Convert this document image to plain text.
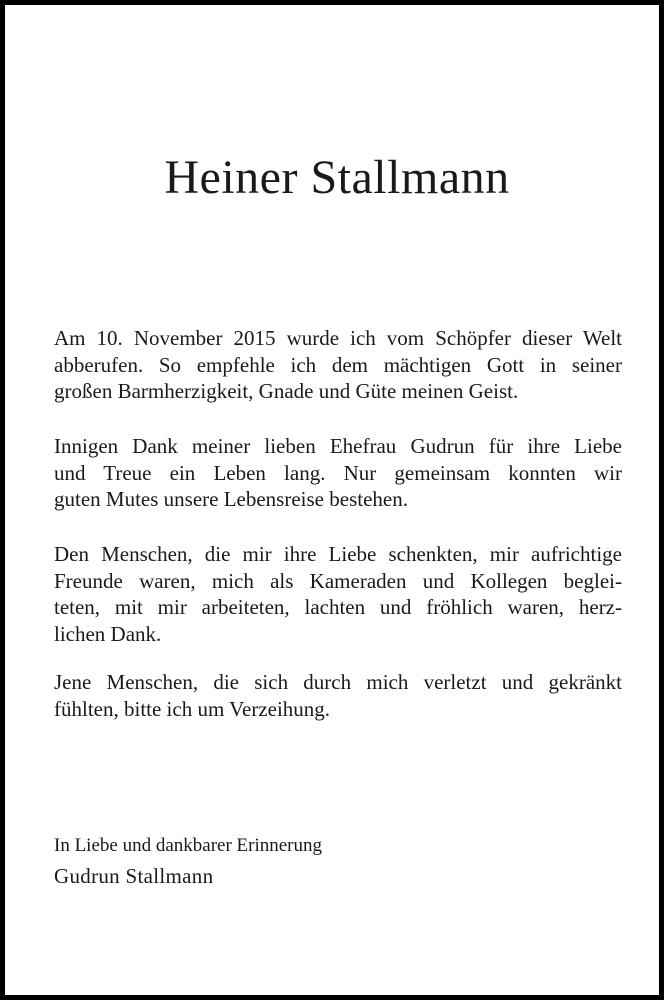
Heiner Stallmann
Am 10. November 2015 wurde ich vom Schöpfer dieser Welt
abberufen. So empfehle ich dem mächtigen Gott in seiner
großen Barmherzigkeit, Gnade und Güte meinen Geist.
Innigen Dank meiner lieben Ehefrau Gudrun für ihre Liebe
und Treue ein Leben lang. Nur gemeinsam konnten wir
guten Mutes unsere Lebensreise bestehen.
Den Menschen, die mir ihre Liebe schenkten, mir aufrichtige
Freunde waren, mich als Kameraden und Kollegen beglei-
teten, mit mir arbeiteten, lachten und fröhlich waren, herz-
lichen Dank.
Jene Menschen, die sich durch mich verletzt und gekränkt
fühlten, bitte ich um Verzeihung.
In Liebe und dankbarer Erinnerung
Gudrun Stallmann
